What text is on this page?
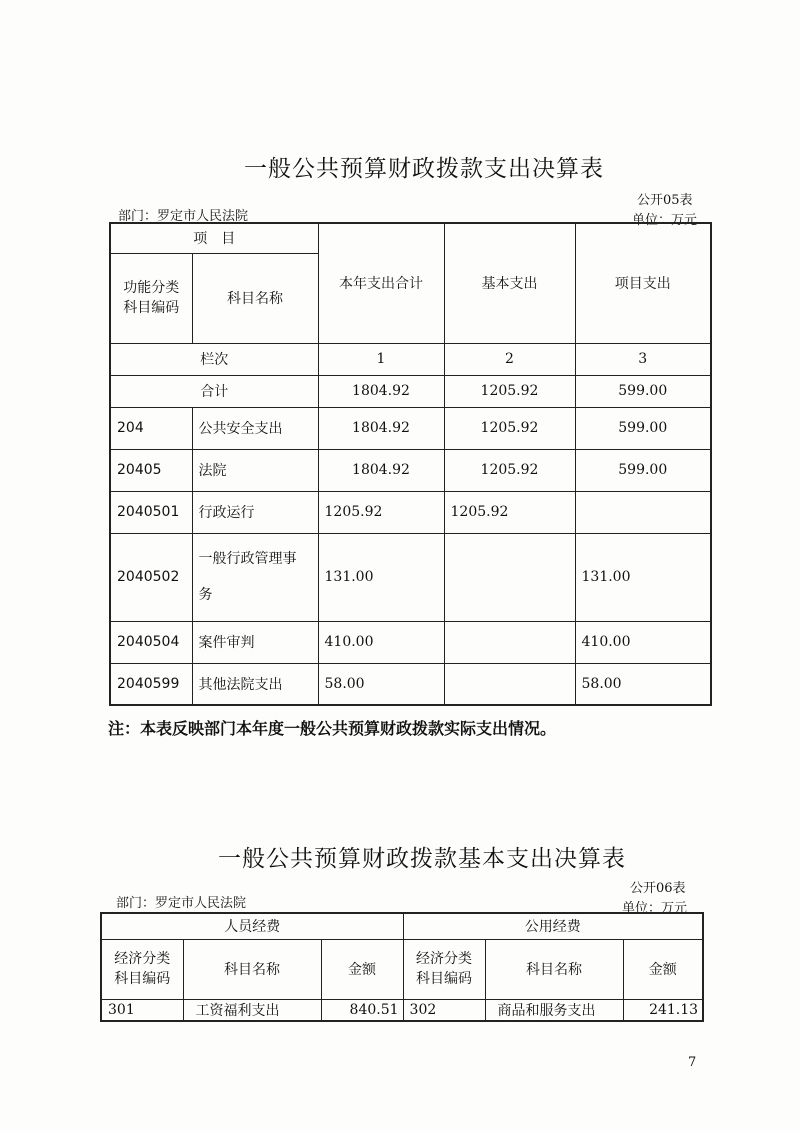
一般公共预算财政拨款支出决算表
公开05表
部门：罗定市人民法院	单位：万元
项　目		本年支出合计	基本支出	项目支出
功能分类科目编码	科目名称			
栏次		1	2	3
合计		1804.92	1205.92	599.00
204	公共安全支出	1804.92	1205.92	599.00
20405	法院	1804.92	1205.92	599.00
2040501	行政运行	1205.92	1205.92	
2040502	一般行政管理事务	131.00		131.00
2040504	案件审判	410.00		410.00
2040599	其他法院支出	58.00		58.00
注：本表反映部门本年度一般公共预算财政拨款实际支出情况。
一般公共预算财政拨款基本支出决算表
公开06表
部门：罗定市人民法院	单位：万元
人员经费			公用经费		
经济分类科目编码	科目名称	金额	经济分类科目编码	科目名称	金额
301	工资福利支出	840.51	302	商品和服务支出	241.13
7
